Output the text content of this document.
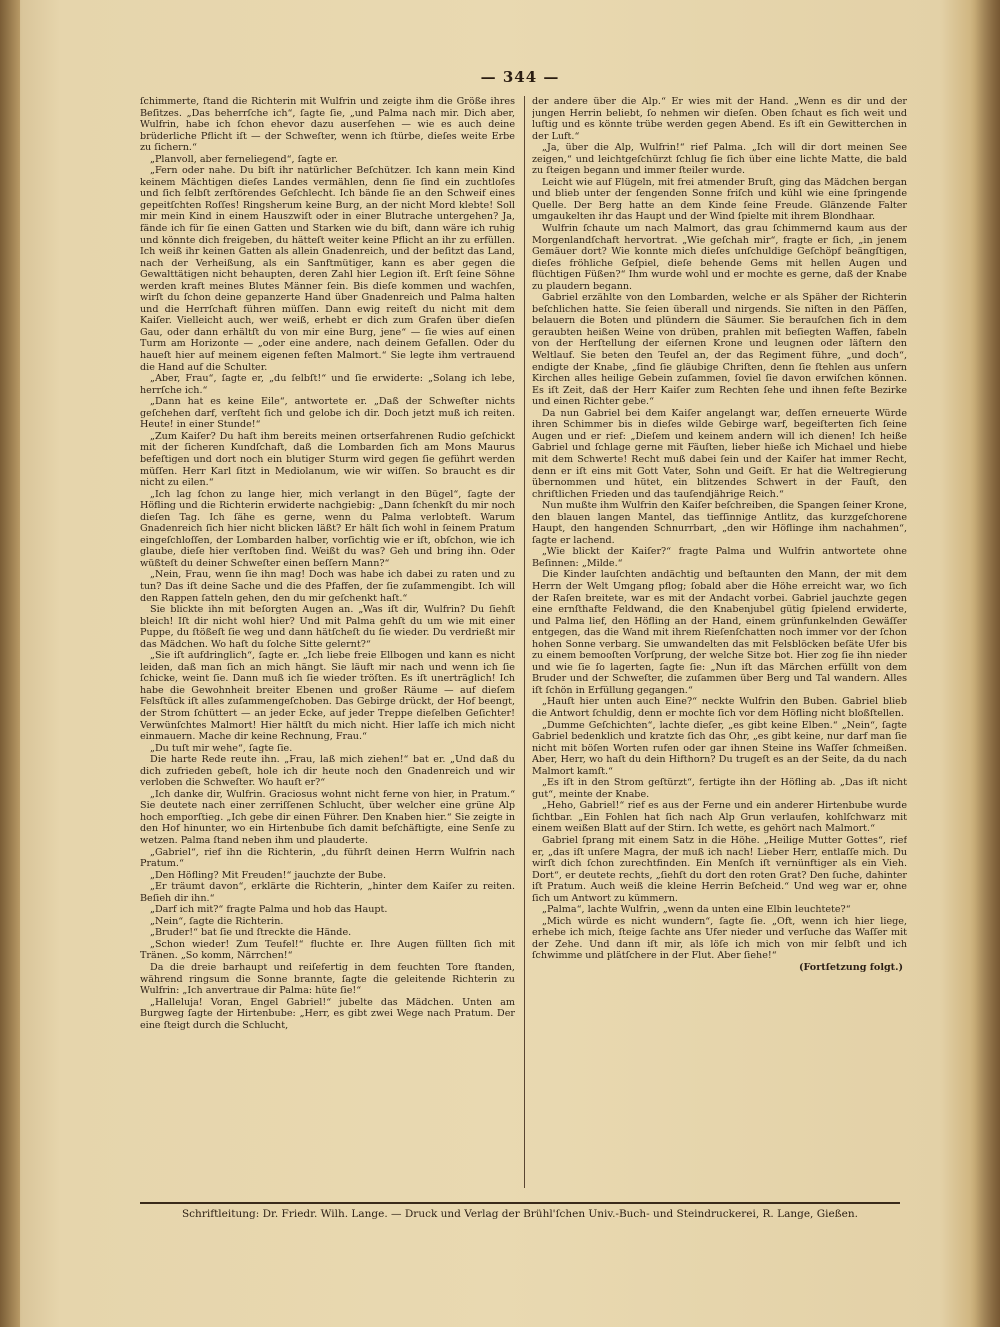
— 344 —

ſchimmerte, ſtand die Richterin mit Wulfrin und zeigte ihm die Größe ihres Beſitzes. „Das beherrſche ich“, ſagte ſie, „und Palma nach mir. Dich aber, Wulfrin, habe ich ſchon ehevor dazu auserſehen — wie es auch deine brüderliche Pflicht iſt — der Schweſter, wenn ich ſtürbe, dieſes weite Erbe zu ſichern.“

„Planvoll, aber ferneliegend“, ſagte er.

„Fern oder nahe. Du biſt ihr natürlicher Beſchützer. Ich kann mein Kind keinem Mächtigen dieſes Landes vermählen, denn ſie ſind ein zuchtloſes und ſich ſelbſt zerſtörendes Geſchlecht. Ich bände ſie an den Schweif eines gepeitſchten Roſſes! Ringsherum keine Burg, an der nicht Mord klebte! Soll mir mein Kind in einem Hauszwiſt oder in einer Blutrache untergehen? Ja, fände ich für ſie einen Gatten und Starken wie du biſt, dann wäre ich ruhig und könnte dich freigeben, du hätteſt weiter keine Pflicht an ihr zu erfüllen. Ich weiß ihr keinen Gatten als allein Gnadenreich, und der beſitzt das Land, nach der Verheißung, als ein Sanftmütiger, kann es aber gegen die Gewalttätigen nicht behaupten, deren Zahl hier Legion iſt. Erſt ſeine Söhne werden kraft meines Blutes Männer ſein. Bis dieſe kommen und wachſen, wirſt du ſchon deine gepanzerte Hand über Gnadenreich und Palma halten und die Herrſchaft führen müſſen. Dann ewig reiteſt du nicht mit dem Kaiſer. Vielleicht auch, wer weiß, erhebt er dich zum Grafen über dieſen Gau, oder dann erhältſt du von mir eine Burg, jene“ — ſie wies auf einen Turm am Horizonte — „oder eine andere, nach deinem Gefallen. Oder du haueſt hier auf meinem eigenen feſten Malmort.“ Sie legte ihm vertrauend die Hand auf die Schulter.

„Aber, Frau“, ſagte er, „du ſelbſt!“ und ſie erwiderte: „Solang ich lebe, herrſche ich.“

„Dann hat es keine Eile“, antwortete er. „Daß der Schweſter nichts geſchehen darf, verſteht ſich und gelobe ich dir. Doch jetzt muß ich reiten. Heute! in einer Stunde!“

„Zum Kaiſer? Du haſt ihm bereits meinen ortserfahrenen Rudio geſchickt mit der ſicheren Kundſchaft, daß die Lombarden ſich am Mons Maurus befeſtigen und dort noch ein blutiger Sturm wird gegen ſie geführt werden müſſen. Herr Karl ſitzt in Mediolanum, wie wir wiſſen. So braucht es dir nicht zu eilen.“

„Ich lag ſchon zu lange hier, mich verlangt in den Bügel“, ſagte der Höfling und die Richterin erwiderte nachgiebig: „Dann ſchenkſt du mir noch dieſen Tag. Ich ſähe es gerne, wenn du Palma verlobteſt. Warum Gnadenreich ſich hier nicht blicken läßt? Er hält ſich wohl in ſeinem Pratum eingeſchloſſen, der Lombarden halber, vorſichtig wie er iſt, obſchon, wie ich glaube, dieſe hier verſtoben ſind. Weißt du was? Geh und bring ihn. Oder wüßteſt du deiner Schweſter einen beſſern Mann?“

„Nein, Frau, wenn ſie ihn mag! Doch was habe ich dabei zu raten und zu tun? Das iſt deine Sache und die des Pfaffen, der ſie zuſammengibt. Ich will den Rappen ſatteln gehen, den du mir geſchenkt haſt.“

Sie blickte ihn mit beſorgten Augen an. „Was iſt dir, Wulfrin? Du ſiehſt bleich! Iſt dir nicht wohl hier? Und mit Palma gehſt du um wie mit einer Puppe, du ſtößeſt ſie weg und dann hätſcheſt du ſie wieder. Du verdrießt mir das Mädchen. Wo haſt du ſolche Sitte gelernt?“

„Sie iſt aufdringlich“, ſagte er. „Ich liebe freie Ellbogen und kann es nicht leiden, daß man ſich an mich hängt. Sie läuft mir nach und wenn ich ſie ſchicke, weint ſie. Dann muß ich ſie wieder tröſten. Es iſt unerträglich! Ich habe die Gewohnheit breiter Ebenen und großer Räume — auf dieſem Felsſtück iſt alles zuſammengeſchoben. Das Gebirge drückt, der Hof beengt, der Strom ſchüttert — an jeder Ecke, auf jeder Treppe dieſelben Geſichter! Verwünſchtes Malmort! Hier hältſt du mich nicht. Hier laſſe ich mich nicht einmauern. Mache dir keine Rechnung, Frau.“

„Du tuſt mir wehe“, ſagte ſie.

Die harte Rede reute ihn. „Frau, laß mich ziehen!“ bat er. „Und daß du dich zufrieden gebeſt, hole ich dir heute noch den Gnadenreich und wir verloben die Schweſter. Wo hauſt er?“

„Ich danke dir, Wulfrin. Graciosus wohnt nicht ferne von hier, in Pratum.“ Sie deutete nach einer zerriſſenen Schlucht, über welcher eine grüne Alp hoch emporſtieg. „Ich gebe dir einen Führer. Den Knaben hier.“ Sie zeigte in den Hof hinunter, wo ein Hirtenbube ſich damit beſchäftigte, eine Senſe zu wetzen. Palma ſtand neben ihm und plauderte.

„Gabriel“, rief ihn die Richterin, „du führſt deinen Herrn Wulfrin nach Pratum.“

„Den Höfling? Mit Freuden!“ jauchzte der Bube.

„Er träumt davon“, erklärte die Richterin, „hinter dem Kaiſer zu reiten. Beſieh dir ihn.“

„Darf ich mit?“ fragte Palma und hob das Haupt.

„Nein“, ſagte die Richterin.

„Bruder!“ bat ſie und ſtreckte die Hände.

„Schon wieder! Zum Teufel!“ fluchte er. Ihre Augen füllten ſich mit Tränen. „So komm, Närrchen!“

Da die dreie barhaupt und reiſefertig in dem feuchten Tore ſtanden, während ringsum die Sonne brannte, ſagte die geleitende Richterin zu Wulfrin: „Ich anvertraue dir Palma: hüte ſie!“

„Halleluja! Voran, Engel Gabriel!“ jubelte das Mädchen. Unten am Burgweg ſagte der Hirtenbube: „Herr, es gibt zwei Wege nach Pratum. Der eine ſteigt durch die Schlucht,

der andere über die Alp.“ Er wies mit der Hand. „Wenn es dir und der jungen Herrin beliebt, ſo nehmen wir dieſen. Oben ſchaut es ſich weit und luſtig und es könnte trübe werden gegen Abend. Es iſt ein Gewitterchen in der Luft.“

„Ja, über die Alp, Wulfrin!“ rief Palma. „Ich will dir dort meinen See zeigen,“ und leichtgeſchürzt ſchlug ſie ſich über eine lichte Matte, die bald zu ſteigen begann und immer ſteiler wurde.

Leicht wie auf Flügeln, mit frei atmender Bruſt, ging das Mädchen bergan und blieb unter der ſengenden Sonne friſch und kühl wie eine ſpringende Quelle. Der Berg hatte an dem Kinde ſeine Freude. Glänzende Falter umgaukelten ihr das Haupt und der Wind ſpielte mit ihrem Blondhaar.

Wulfrin ſchaute um nach Malmort, das grau ſchimmernd kaum aus der Morgenlandſchaft hervortrat. „Wie geſchah mir“, fragte er ſich, „in jenem Gemäuer dort? Wie konnte mich dieſes unſchuldige Geſchöpf beängſtigen, dieſes fröhliche Geſpiel, dieſe behende Gems mit hellen Augen und flüchtigen Füßen?“ Ihm wurde wohl und er mochte es gerne, daß der Knabe zu plaudern begann.

Gabriel erzählte von den Lombarden, welche er als Späher der Richterin beſchlichen hatte. Sie ſeien überall und nirgends. Sie niſten in den Päſſen, belauern die Boten und plündern die Säumer. Sie berauſchen ſich in dem geraubten heißen Weine von drüben, prahlen mit beſiegten Waffen, fabeln von der Herſtellung der eiſernen Krone und leugnen oder läſtern den Weltlauf. Sie beten den Teufel an, der das Regiment führe, „und doch“, endigte der Knabe, „ſind ſie gläubige Chriſten, denn ſie ſtehlen aus unſern Kirchen alles heilige Gebein zuſammen, ſoviel ſie davon erwiſchen können. Es iſt Zeit, daß der Herr Kaiſer zum Rechten ſehe und ihnen feſte Bezirke und einen Richter gebe.“

Da nun Gabriel bei dem Kaiſer angelangt war, deſſen erneuerte Würde ihren Schimmer bis in dieſes wilde Gebirge warf, begeiſterten ſich ſeine Augen und er rief: „Dieſem und keinem andern will ich dienen! Ich heiße Gabriel und ſchlage gerne mit Fäuſten, lieber hieße ich Michael und hiebe mit dem Schwerte! Recht muß dabei ſein und der Kaiſer hat immer Recht, denn er iſt eins mit Gott Vater, Sohn und Geiſt. Er hat die Weltregierung übernommen und hütet, ein blitzendes Schwert in der Fauſt, den chriſtlichen Frieden und das tauſendjährige Reich.“

Nun mußte ihm Wulfrin den Kaiſer beſchreiben, die Spangen ſeiner Krone, den blauen langen Mantel, das tiefſinnige Antlitz, das kurzgeſchorene Haupt, den hangenden Schnurrbart, „den wir Höflinge ihm nachahmen“, ſagte er lachend.

„Wie blickt der Kaiſer?“ fragte Palma und Wulfrin antwortete ohne Beſinnen: „Milde.“

Die Kinder lauſchten andächtig und beſtaunten den Mann, der mit dem Herrn der Welt Umgang pflog; ſobald aber die Höhe erreicht war, wo ſich der Raſen breitete, war es mit der Andacht vorbei. Gabriel jauchzte gegen eine ernſthafte Feldwand, die den Knabenjubel gütig ſpielend erwiderte, und Palma lief, den Höfling an der Hand, einem grünfunkelnden Gewäſſer entgegen, das die Wand mit ihrem Rieſenſchatten noch immer vor der ſchon hohen Sonne verbarg. Sie umwandelten das mit Felsblöcken beſäte Ufer bis zu einem bemooſten Vorſprung, der welche Sitze bot. Hier zog ſie ihn nieder und wie ſie ſo lagerten, ſagte ſie: „Nun iſt das Märchen erfüllt von dem Bruder und der Schweſter, die zuſammen über Berg und Tal wandern. Alles iſt ſchön in Erfüllung gegangen.“

„Hauſt hier unten auch Eine?“ neckte Wulfrin den Buben. Gabriel blieb die Antwort ſchuldig, denn er mochte ſich vor dem Höfling nicht bloßſtellen.

„Dumme Geſchichten“, lachte dieſer, „es gibt keine Elben.“ „Nein“, ſagte Gabriel bedenklich und kratzte ſich das Ohr, „es gibt keine, nur darf man ſie nicht mit böſen Worten rufen oder gar ihnen Steine ins Waſſer ſchmeißen. Aber, Herr, wo haſt du dein Hifthorn? Du trugeſt es an der Seite, da du nach Malmort kamſt.“

„Es iſt in den Strom geſtürzt“, fertigte ihn der Höfling ab. „Das iſt nicht gut“, meinte der Knabe.

„Heho, Gabriel!“ rief es aus der Ferne und ein anderer Hirtenbube wurde ſichtbar. „Ein Fohlen hat ſich nach Alp Grun verlaufen, kohlſchwarz mit einem weißen Blatt auf der Stirn. Ich wette, es gehört nach Malmort.“

Gabriel ſprang mit einem Satz in die Höhe. „Heilige Mutter Gottes“, rief er, „das iſt unſere Magra, der muß ich nach! Lieber Herr, entlaſſe mich. Du wirſt dich ſchon zurechtfinden. Ein Menſch iſt vernünftiger als ein Vieh. Dort“, er deutete rechts, „ſiehſt du dort den roten Grat? Den ſuche, dahinter iſt Pratum. Auch weiß die kleine Herrin Beſcheid.“ Und weg war er, ohne ſich um Antwort zu kümmern.

„Palma“, lachte Wulfrin, „wenn da unten eine Elbin leuchtete?“

„Mich würde es nicht wundern“, ſagte ſie. „Oft, wenn ich hier liege, erhebe ich mich, ſteige ſachte ans Ufer nieder und verſuche das Waſſer mit der Zehe. Und dann iſt mir, als löſe ich mich von mir ſelbſt und ich ſchwimme und plätſchere in der Flut. Aber ſiehe!“

(Fortſetzung folgt.)
Schriftleitung: Dr. Friedr. Wilh. Lange. — Druck und Verlag der Brühl'ſchen Univ.-Buch- und Steindruckerei, R. Lange, Gießen.
